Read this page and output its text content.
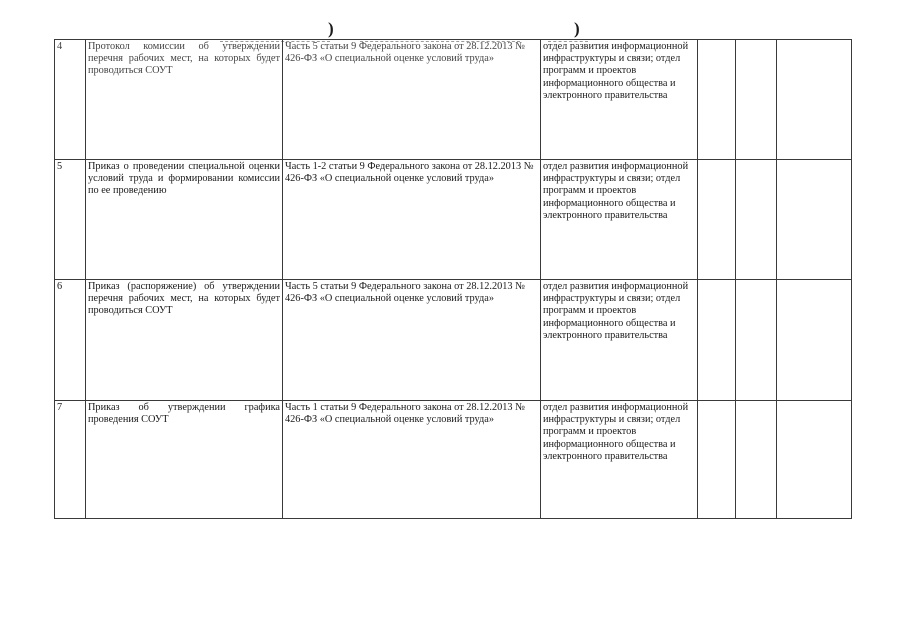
)	)
4	Протокол комиссии об утверждении перечня рабочих мест, на которых будет проводиться СОУТ	Часть 5 статьи 9 Федерального закона от 28.12.2013 № 426-ФЗ «О специальной оценке условий труда»	отдел развития информационной инфраструктуры и связи; отдел программ и проектов информационного общества и электронного правительства			
5	Приказ о проведении специальной оценки условий труда и формировании комиссии по ее проведению	Часть 1-2 статьи 9 Федерального закона от 28.12.2013 № 426-ФЗ «О специальной оценке условий труда»	отдел развития информационной инфраструктуры и связи; отдел программ и проектов информационного общества и электронного правительства			
6	Приказ (распоряжение) об утверждении перечня рабочих мест, на которых будет проводиться СОУТ	Часть 5 статьи 9 Федерального закона от 28.12.2013 № 426-ФЗ «О специальной оценке условий труда»	отдел развития информационной инфраструктуры и связи; отдел программ и проектов информационного общества и электронного правительства			
7	Приказ об утверждении графика проведения СОУТ	Часть 1 статьи 9 Федерального закона от 28.12.2013 № 426-ФЗ «О специальной оценке условий труда»	отдел развития информационной инфраструктуры и связи; отдел программ и проектов информационного общества и электронного правительства			
